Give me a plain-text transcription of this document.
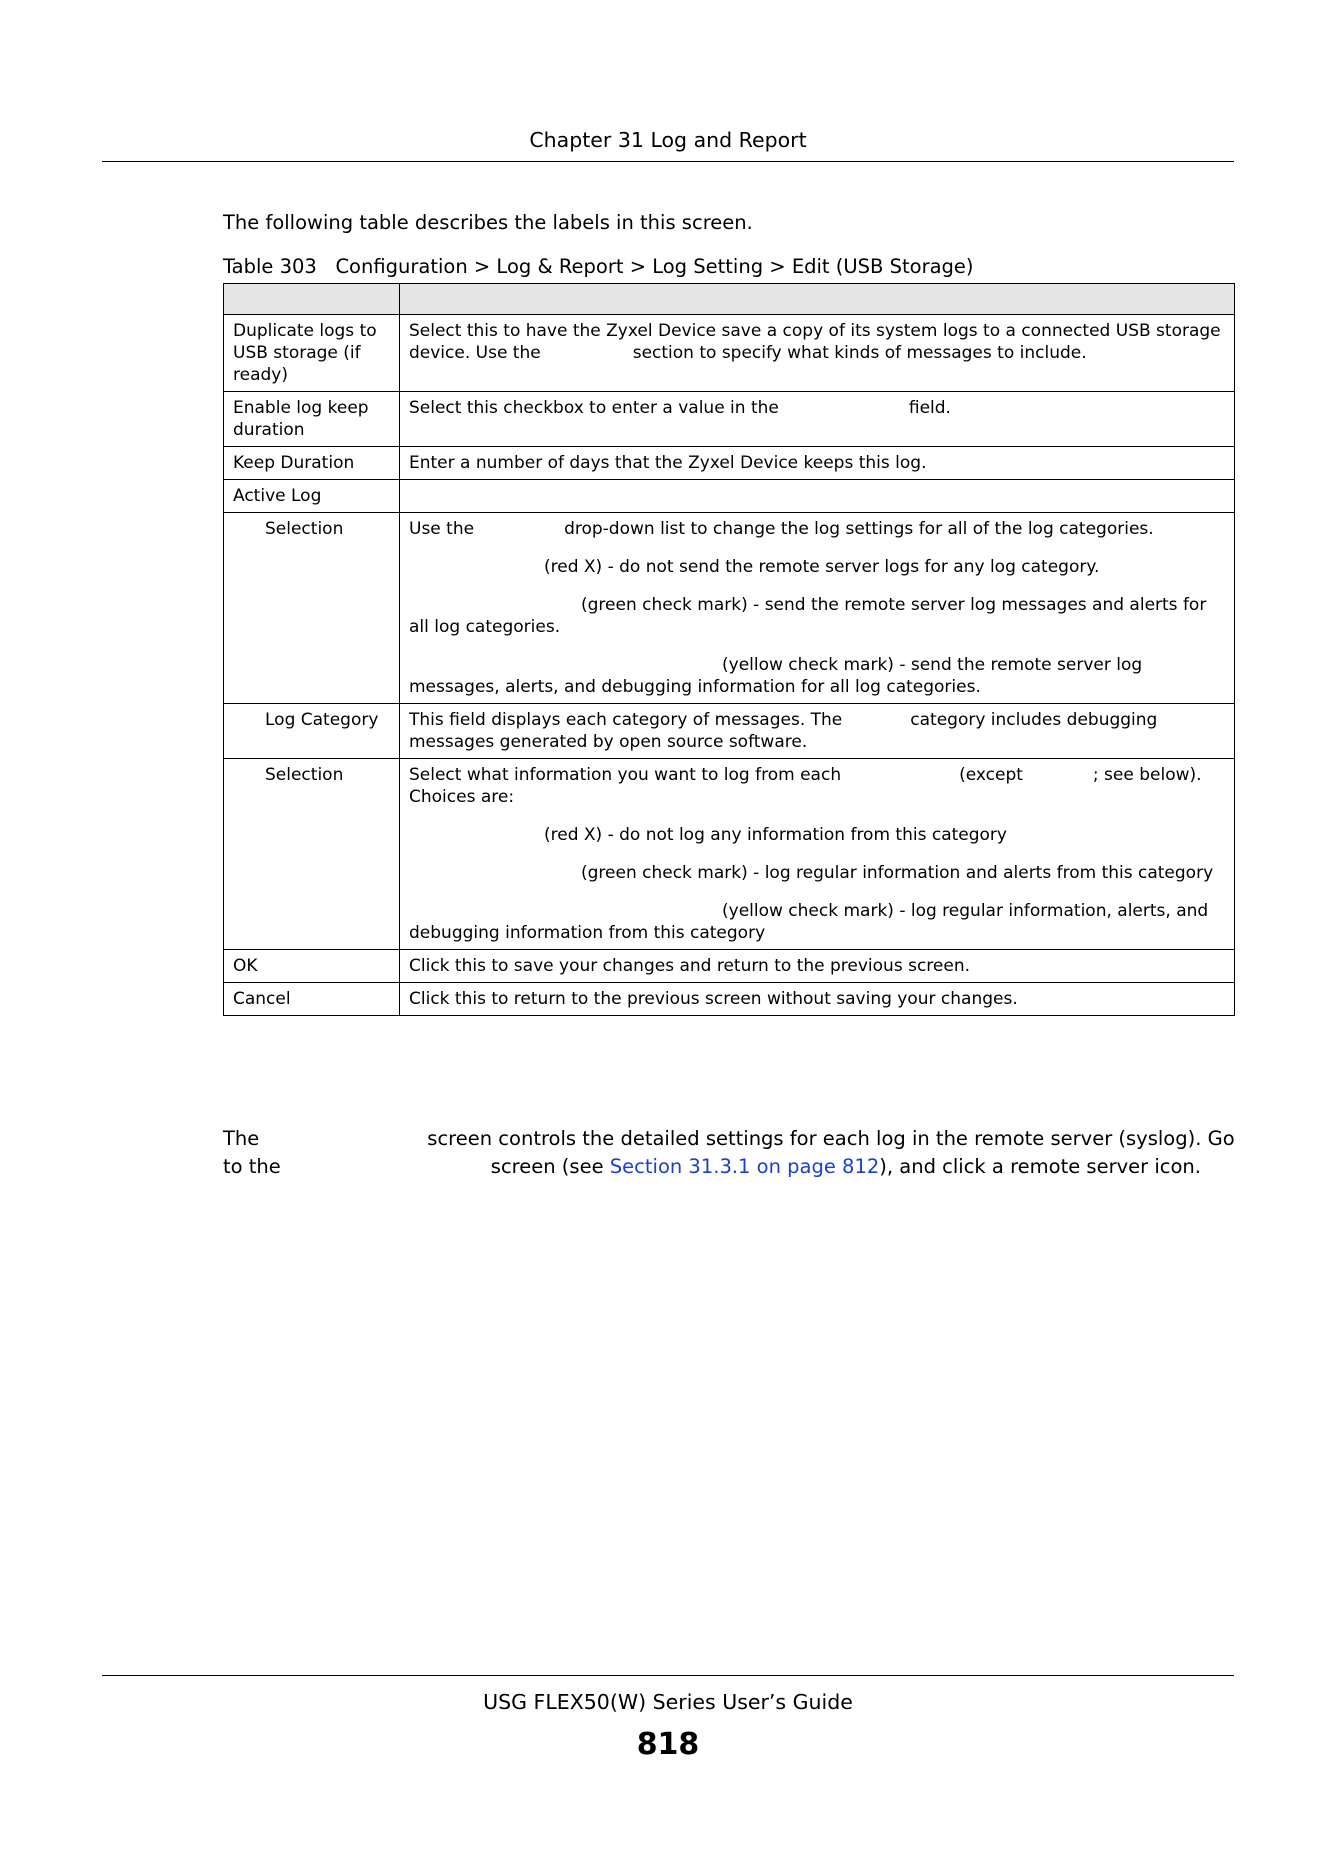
Chapter 31 Log and Report
The following table describes the labels in this screen.
Table 303   Configuration > Log & Report > Log Setting > Edit (USB Storage)

Duplicate logs to USB storage (if ready)	Select this to have the Zyxel Device save a copy of its system logs to a connected USB storage device. Use the section to specify what kinds of messages to include.
Enable log keep duration	Select this checkbox to enter a value in the field.
Keep Duration	Enter a number of days that the Zyxel Device keeps this log.
Active Log	
Selection	Use the drop-down list to change the log settings for all of the log categories.

(red X) - do not send the remote server logs for any log category.

(green check mark) - send the remote server log messages and alerts for all log categories.

(yellow check mark) - send the remote server log messages, alerts, and debugging information for all log categories.

Log Category	This field displays each category of messages. The category includes debugging messages generated by open source software.
Selection	Select what information you want to log from each (except ; see below). Choices are:

(red X) - do not log any information from this category

(green check mark) - log regular information and alerts from this category

(yellow check mark) - log regular information, alerts, and debugging information from this category

OK	Click this to save your changes and return to the previous screen.
Cancel	Click this to return to the previous screen without saving your changes.
The	screen controls the detailed settings for each log in the remote server (syslog). Go to the	screen (see Section 31.3.1 on page 812), and click a remote server icon.
USG FLEX50(W) Series User’s Guide
818
